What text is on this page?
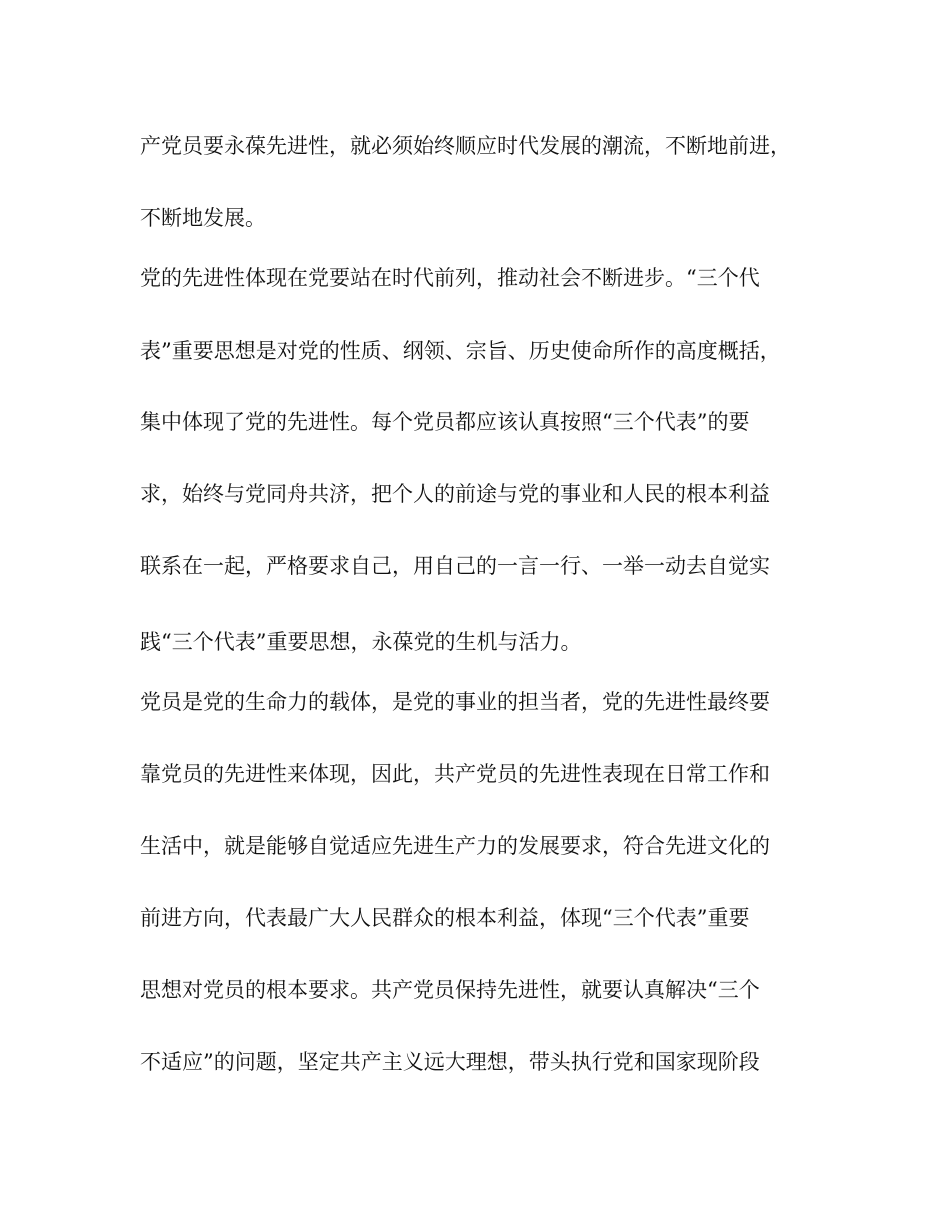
产党员要永葆先进性，就必须始终顺应时代发展的潮流，不断地前进，
不断地发展。
党的先进性体现在党要站在时代前列，推动社会不断进步。“三个代
表”重要思想是对党的性质、纲领、宗旨、历史使命所作的高度概括，
集中体现了党的先进性。每个党员都应该认真按照“三个代表”的要
求，始终与党同舟共济，把个人的前途与党的事业和人民的根本利益
联系在一起，严格要求自己，用自己的一言一行、一举一动去自觉实
践“三个代表”重要思想，永葆党的生机与活力。
党员是党的生命力的载体，是党的事业的担当者，党的先进性最终要
靠党员的先进性来体现，因此，共产党员的先进性表现在日常工作和
生活中，就是能够自觉适应先进生产力的发展要求，符合先进文化的
前进方向，代表最广大人民群众的根本利益，体现“三个代表”重要
思想对党员的根本要求。共产党员保持先进性，就要认真解决“三个
不适应”的问题，坚定共产主义远大理想，带头执行党和国家现阶段
